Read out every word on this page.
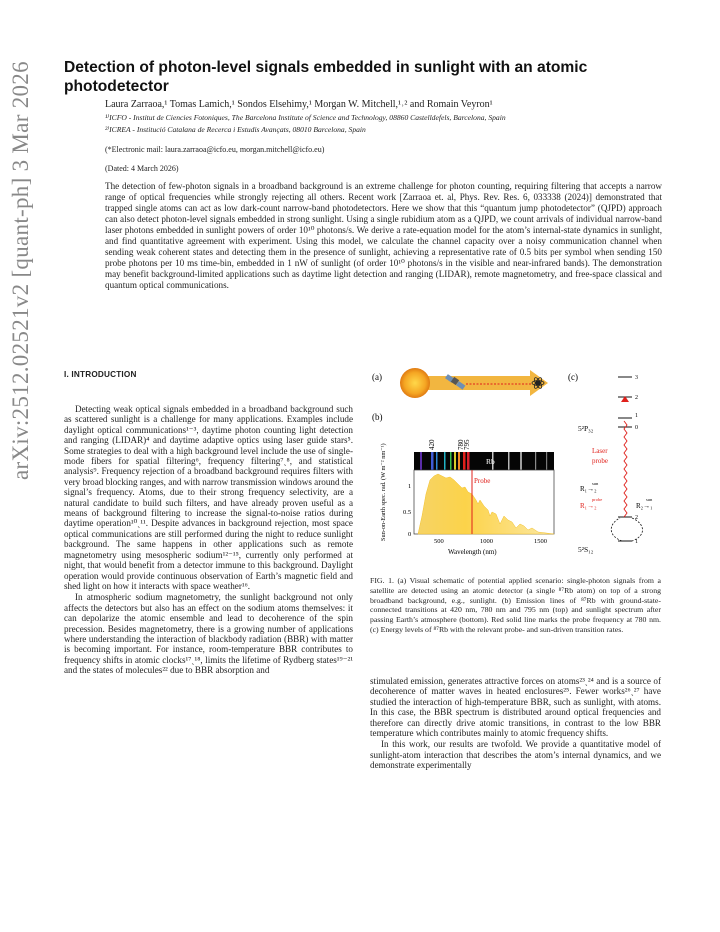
arXiv:2512.02521v2 [quant-ph] 3 Mar 2026 Detection of photon-level signals embedded in sunlight with an atomic photodetector
Laura Zarraoa,¹ Tomas Lamich,¹ Sondos Elsehimy,¹ Morgan W. Mitchell,¹˒² and Romain Veyron¹
¹⁾ICFO - Institut de Ciencies Fotoniques, The Barcelona Institute of Science and Technology, 08860 Castelldefels, Barcelona, Spain
²⁾ICREA - Institució Catalana de Recerca i Estudis Avançats, 08010 Barcelona, Spain
(*Electronic mail: laura.zarraoa@icfo.eu, morgan.mitchell@icfo.eu)
(Dated: 4 March 2026)

The detection of few-photon signals in a broadband background is an extreme challenge for photon counting, requiring filtering that accepts a narrow range of optical frequencies while strongly rejecting all others. Recent work [Zarraoa et. al, Phys. Rev. Res. 6, 033338 (2024)] demonstrated that trapped single atoms can act as low dark-count narrow-band photodetectors. Here we show that this “quantum jump photodetector” (QJPD) approach can also detect photon-level signals embedded in strong sunlight. Using a single rubidium atom as a QJPD, we count arrivals of individual narrow-band laser photons embedded in sunlight powers of order 10¹⁰ photons/s. We derive a rate-equation model for the atom’s internal-state dynamics in sunlight, and find quantitative agreement with experiment. Using this model, we calculate the channel capacity over a noisy communication channel when sending weak coherent states and detecting them in the presence of sunlight, achieving a representative rate of 0.5 bits per symbol when sending 150 probe photons per 10 ms time-bin, embedded in 1 nW of sunlight (of order 10¹⁰ photons/s in the visible and near-infrared bands). The demonstration may benefit background-limited applications such as daytime light detection and ranging (LIDAR), remote magnetometry, and free-space classical and quantum optical communications.

I. INTRODUCTION

Detecting weak optical signals embedded in a broadband background such as scattered sunlight is a challenge for many applications. Examples include daylight optical communications¹⁻³, daytime photon counting light detection and ranging (LIDAR)⁴ and daytime adaptive optics using laser guide stars⁵. Some strategies to deal with a high background level include the use of single-mode fibers for spatial filtering⁶, frequency filtering⁷ˎ⁸, and statistical analysis⁹. Frequency rejection of a broadband background requires filters with very broad blocking ranges, and with narrow transmission windows around the signal’s frequency. Atoms, due to their strong frequency selectivity, are a natural candidate to build such filters, and have already proven useful as a means of background filtering to increase the signal-to-noise ratios during daytime operation¹⁰ˎ¹¹. Despite advances in background rejection, most space optical communications are still performed during the night to reduce sunlight background. The same happens in other applications such as remote magnetometry using mesospheric sodium¹²⁻¹⁵, currently only performed at night, that would benefit from a detector immune to this background. Daylight operation would provide continuous observation of Earth’s magnetic field and shed light on how it interacts with space weather¹⁶.

In atmospheric sodium magnetometry, the sunlight background not only affects the detectors but also has an effect on the sodium atoms themselves: it can depolarize the atomic ensemble and lead to decoherence of the spin precession. Besides magnetometry, there is a growing number of applications where understanding the interaction of blackbody radiation (BBR) with matter is becoming important. For instance, room-temperature BBR contributes to frequency shifts in atomic clocks¹⁷ˎ¹⁸, limits the lifetime of Rydberg states¹⁹⁻²¹ and the states of molecules²² due to BBR absorption and

(a)
(b)
420	780
795
Rb
Probe
0
0.5
1
500	1000	1500
Wavelength (nm)
Sun-on-Earth spec. rad. (W m⁻² nm⁻¹)
(c)	3
2
1
0
5²P₃₂
2
1
5²S₁₂
Laser
probe
R₁→₂
sun
R₁→₂
probe
R₂→₁
sun

FIG. 1. (a) Visual schematic of potential applied scenario: single-photon signals from a satellite are detected using an atomic detector (a single ⁸⁷Rb atom) on top of a strong broadband background, e.g., sunlight. (b) Emission lines of ⁸⁷Rb with ground-state-connected transitions at 420 nm, 780 nm and 795 nm (top) and sunlight spectrum after passing Earth’s atmosphere (bottom). Red solid line marks the probe frequency at 780 nm. (c) Energy levels of ⁸⁷Rb with the relevant probe- and sun-driven transition rates.

stimulated emission, generates attractive forces on atoms²³ˎ²⁴ and is a source of decoherence of matter waves in heated enclosures²⁵. Fewer works²⁶ˎ²⁷ have studied the interaction of high-temperature BBR, such as sunlight, with atoms. In this case, the BBR spectrum is distributed around optical frequencies and therefore can directly drive atomic transitions, in contrast to the low BBR temperature which contributes mainly to atomic frequency shifts.

In this work, our results are twofold. We provide a quantitative model of sunlight-atom interaction that describes the atom’s internal dynamics, and we demonstrate experimentally
